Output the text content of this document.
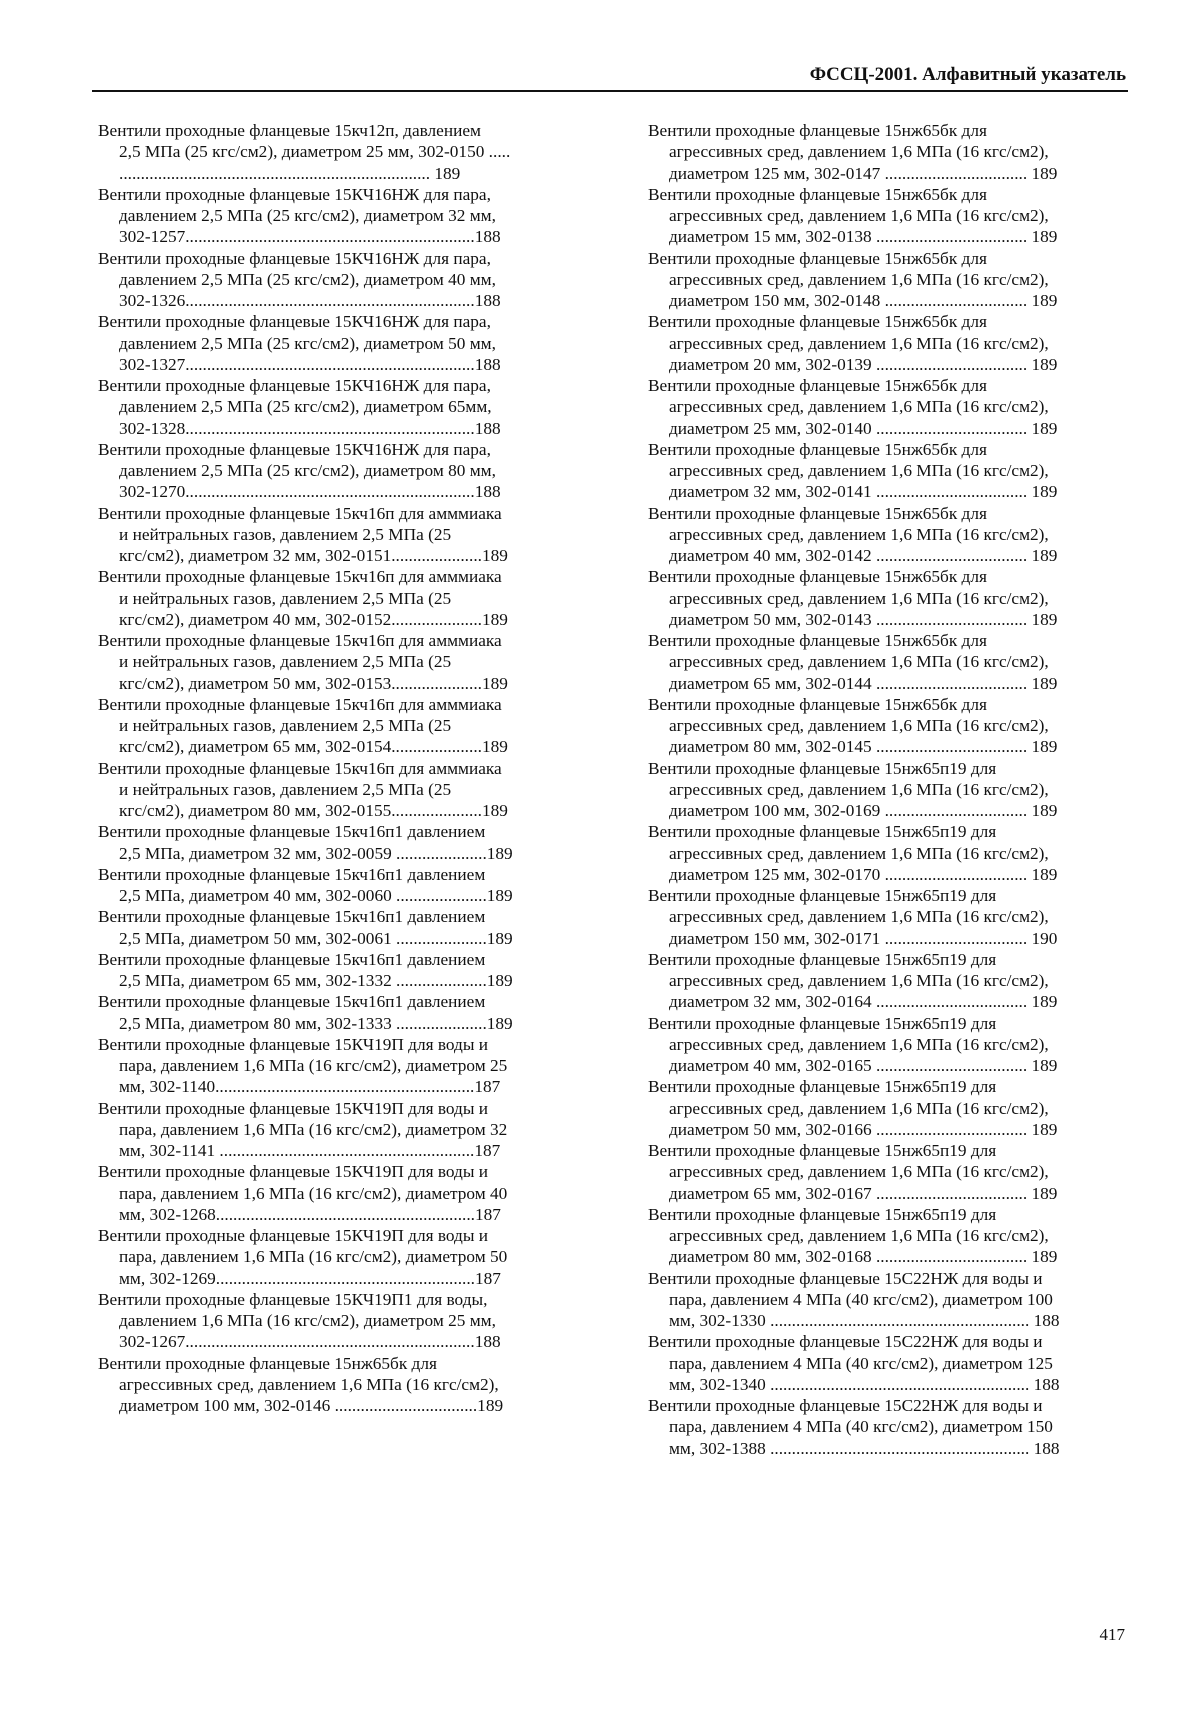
ФССЦ-2001. Алфавитный указатель
Вентили проходные фланцевые 15кч12п, давлением
2,5 МПа (25 кгс/см2), диаметром 25 мм, 302-0150 .....
........................................................................ 189
Вентили проходные фланцевые 15КЧ16НЖ для пара,
давлением 2,5 МПа (25 кгс/см2), диаметром 32 мм,
302-1257...................................................................188
Вентили проходные фланцевые 15КЧ16НЖ для пара,
давлением 2,5 МПа (25 кгс/см2), диаметром 40 мм,
302-1326...................................................................188
Вентили проходные фланцевые 15КЧ16НЖ для пара,
давлением 2,5 МПа (25 кгс/см2), диаметром 50 мм,
302-1327...................................................................188
Вентили проходные фланцевые 15КЧ16НЖ для пара,
давлением 2,5 МПа (25 кгс/см2), диаметром 65мм,
302-1328...................................................................188
Вентили проходные фланцевые 15КЧ16НЖ для пара,
давлением 2,5 МПа (25 кгс/см2), диаметром 80 мм,
302-1270...................................................................188
Вентили проходные фланцевые 15кч16п для амммиака
и нейтральных газов, давлением 2,5 МПа (25
кгс/см2), диаметром 32 мм, 302-0151.....................189
Вентили проходные фланцевые 15кч16п для амммиака
и нейтральных газов, давлением 2,5 МПа (25
кгс/см2), диаметром 40 мм, 302-0152.....................189
Вентили проходные фланцевые 15кч16п для амммиака
и нейтральных газов, давлением 2,5 МПа (25
кгс/см2), диаметром 50 мм, 302-0153.....................189
Вентили проходные фланцевые 15кч16п для амммиака
и нейтральных газов, давлением 2,5 МПа (25
кгс/см2), диаметром 65 мм, 302-0154.....................189
Вентили проходные фланцевые 15кч16п для амммиака
и нейтральных газов, давлением 2,5 МПа (25
кгс/см2), диаметром 80 мм, 302-0155.....................189
Вентили проходные фланцевые 15кч16п1 давлением
2,5 МПа, диаметром 32 мм, 302-0059 .....................189
Вентили проходные фланцевые 15кч16п1 давлением
2,5 МПа, диаметром 40 мм, 302-0060 .....................189
Вентили проходные фланцевые 15кч16п1 давлением
2,5 МПа, диаметром 50 мм, 302-0061 .....................189
Вентили проходные фланцевые 15кч16п1 давлением
2,5 МПа, диаметром 65 мм, 302-1332 .....................189
Вентили проходные фланцевые 15кч16п1 давлением
2,5 МПа, диаметром 80 мм, 302-1333 .....................189
Вентили проходные фланцевые 15КЧ19П для воды и
пара, давлением 1,6 МПа (16 кгс/см2), диаметром 25
мм, 302-1140............................................................187
Вентили проходные фланцевые 15КЧ19П для воды и
пара, давлением 1,6 МПа (16 кгс/см2), диаметром 32
мм, 302-1141 ...........................................................187
Вентили проходные фланцевые 15КЧ19П для воды и
пара, давлением 1,6 МПа (16 кгс/см2), диаметром 40
мм, 302-1268............................................................187
Вентили проходные фланцевые 15КЧ19П для воды и
пара, давлением 1,6 МПа (16 кгс/см2), диаметром 50
мм, 302-1269............................................................187
Вентили проходные фланцевые 15КЧ19П1 для воды,
давлением 1,6 МПа (16 кгс/см2), диаметром 25 мм,
302-1267...................................................................188
Вентили проходные фланцевые 15нж65бк для
агрессивных сред, давлением 1,6 МПа (16 кгс/см2),
диаметром 100 мм, 302-0146 .................................189
Вентили проходные фланцевые 15нж65бк для
агрессивных сред, давлением 1,6 МПа (16 кгс/см2),
диаметром 125 мм, 302-0147 ................................. 189
Вентили проходные фланцевые 15нж65бк для
агрессивных сред, давлением 1,6 МПа (16 кгс/см2),
диаметром 15 мм, 302-0138 ................................... 189
Вентили проходные фланцевые 15нж65бк для
агрессивных сред, давлением 1,6 МПа (16 кгс/см2),
диаметром 150 мм, 302-0148 ................................. 189
Вентили проходные фланцевые 15нж65бк для
агрессивных сред, давлением 1,6 МПа (16 кгс/см2),
диаметром 20 мм, 302-0139 ................................... 189
Вентили проходные фланцевые 15нж65бк для
агрессивных сред, давлением 1,6 МПа (16 кгс/см2),
диаметром 25 мм, 302-0140 ................................... 189
Вентили проходные фланцевые 15нж65бк для
агрессивных сред, давлением 1,6 МПа (16 кгс/см2),
диаметром 32 мм, 302-0141 ................................... 189
Вентили проходные фланцевые 15нж65бк для
агрессивных сред, давлением 1,6 МПа (16 кгс/см2),
диаметром 40 мм, 302-0142 ................................... 189
Вентили проходные фланцевые 15нж65бк для
агрессивных сред, давлением 1,6 МПа (16 кгс/см2),
диаметром 50 мм, 302-0143 ................................... 189
Вентили проходные фланцевые 15нж65бк для
агрессивных сред, давлением 1,6 МПа (16 кгс/см2),
диаметром 65 мм, 302-0144 ................................... 189
Вентили проходные фланцевые 15нж65бк для
агрессивных сред, давлением 1,6 МПа (16 кгс/см2),
диаметром 80 мм, 302-0145 ................................... 189
Вентили проходные фланцевые 15нж65п19 для
агрессивных сред, давлением 1,6 МПа (16 кгс/см2),
диаметром 100 мм, 302-0169 ................................. 189
Вентили проходные фланцевые 15нж65п19 для
агрессивных сред, давлением 1,6 МПа (16 кгс/см2),
диаметром 125 мм, 302-0170 ................................. 189
Вентили проходные фланцевые 15нж65п19 для
агрессивных сред, давлением 1,6 МПа (16 кгс/см2),
диаметром 150 мм, 302-0171 ................................. 190
Вентили проходные фланцевые 15нж65п19 для
агрессивных сред, давлением 1,6 МПа (16 кгс/см2),
диаметром 32 мм, 302-0164 ................................... 189
Вентили проходные фланцевые 15нж65п19 для
агрессивных сред, давлением 1,6 МПа (16 кгс/см2),
диаметром 40 мм, 302-0165 ................................... 189
Вентили проходные фланцевые 15нж65п19 для
агрессивных сред, давлением 1,6 МПа (16 кгс/см2),
диаметром 50 мм, 302-0166 ................................... 189
Вентили проходные фланцевые 15нж65п19 для
агрессивных сред, давлением 1,6 МПа (16 кгс/см2),
диаметром 65 мм, 302-0167 ................................... 189
Вентили проходные фланцевые 15нж65п19 для
агрессивных сред, давлением 1,6 МПа (16 кгс/см2),
диаметром 80 мм, 302-0168 ................................... 189
Вентили проходные фланцевые 15С22НЖ для воды и
пара, давлением 4 МПа (40 кгс/см2), диаметром 100
мм, 302-1330 ............................................................ 188
Вентили проходные фланцевые 15С22НЖ для воды и
пара, давлением 4 МПа (40 кгс/см2), диаметром 125
мм, 302-1340 ............................................................ 188
Вентили проходные фланцевые 15С22НЖ для воды и
пара, давлением 4 МПа (40 кгс/см2), диаметром 150
мм, 302-1388 ............................................................ 188
417
